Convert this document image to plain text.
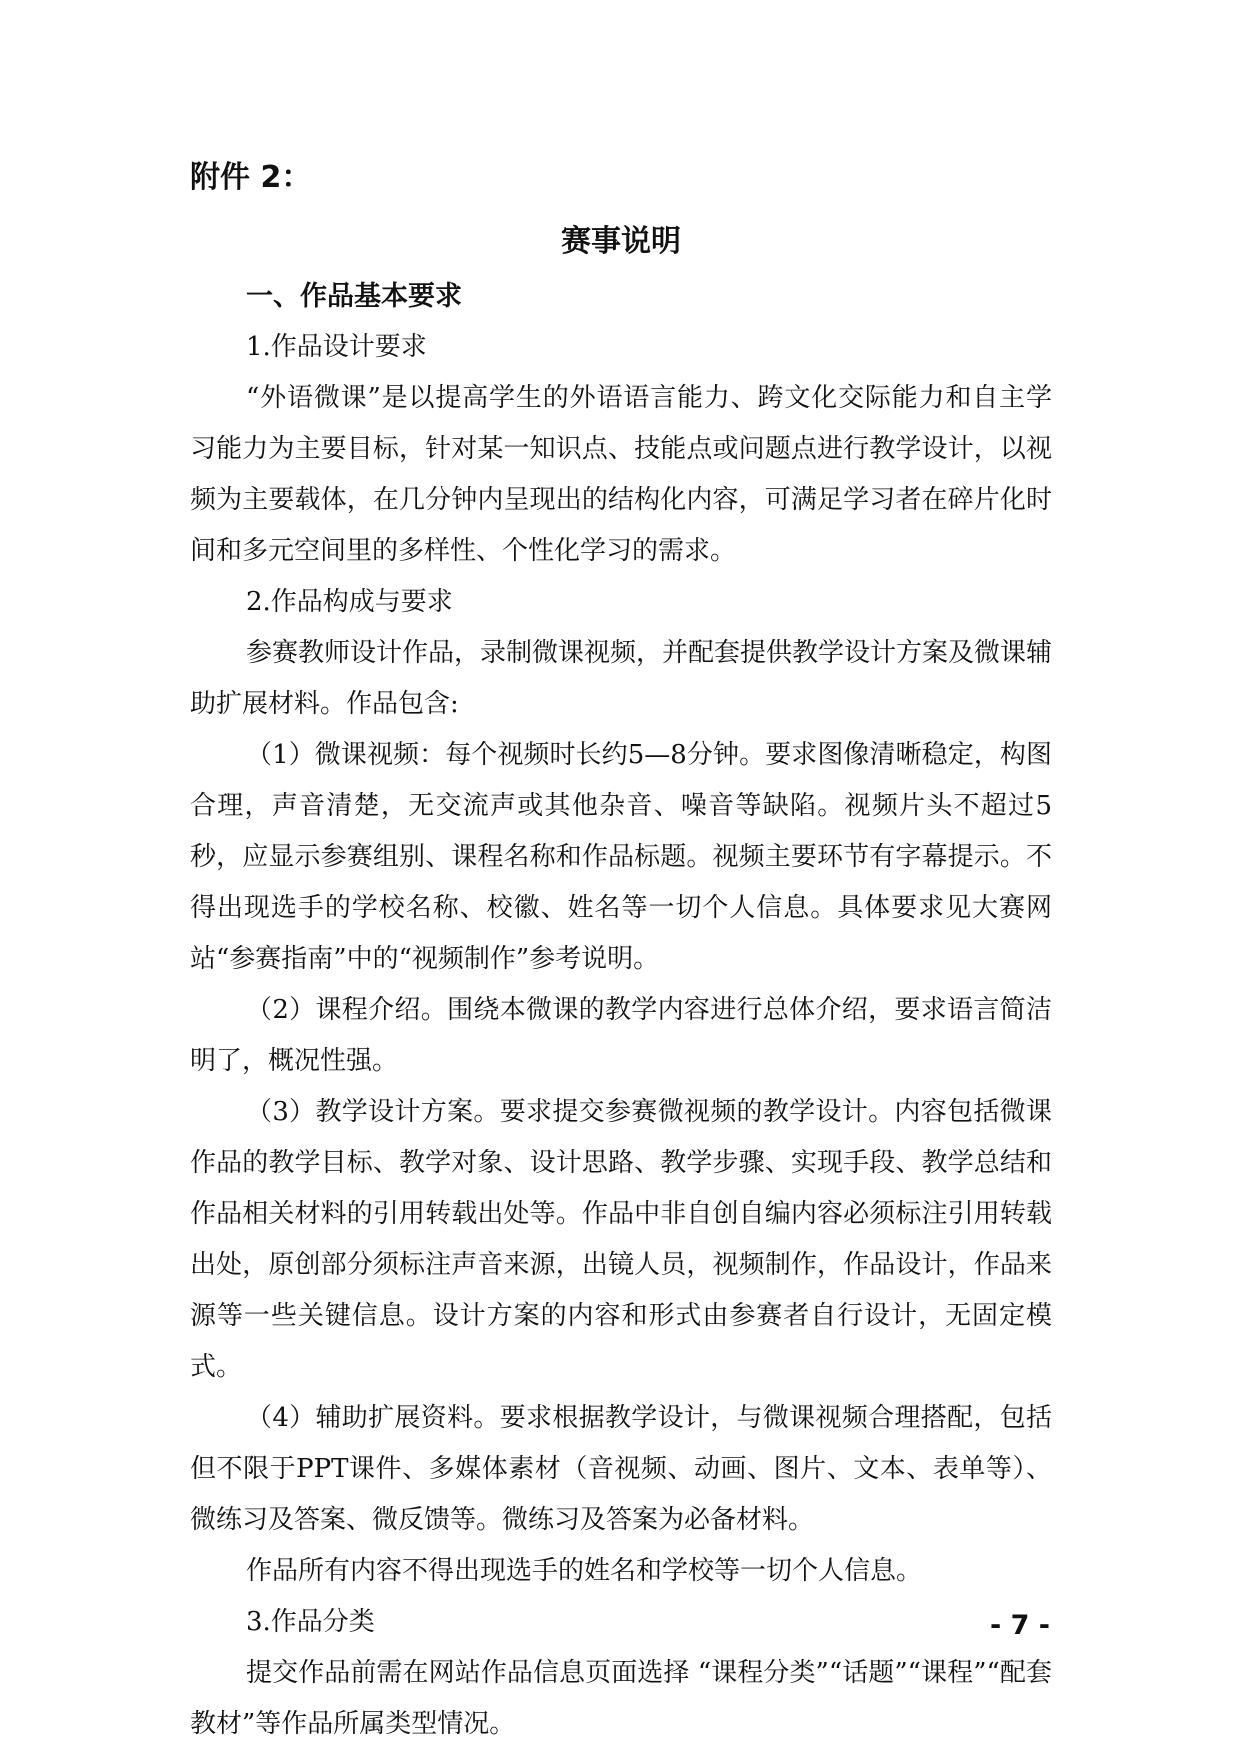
附件 2：

赛事说明

一、作品基本要求

1.作品设计要求

“外语微课”是以提高学生的外语语言能力、跨文化交际能力和自主学习能力为主要目标，针对某一知识点、技能点或问题点进行教学设计，以视频为主要载体，在几分钟内呈现出的结构化内容，可满足学习者在碎片化时间和多元空间里的多样性、个性化学习的需求。

2.作品构成与要求

参赛教师设计作品，录制微课视频，并配套提供教学设计方案及微课辅助扩展材料。作品包含:

（1）微课视频：每个视频时长约5—8分钟。要求图像清晰稳定，构图合理，声音清楚，无交流声或其他杂音、噪音等缺陷。视频片头不超过5秒，应显示参赛组别、课程名称和作品标题。视频主要环节有字幕提示。不得出现选手的学校名称、校徽、姓名等一切个人信息。具体要求见大赛网站“参赛指南”中的“视频制作”参考说明。

（2）课程介绍。围绕本微课的教学内容进行总体介绍，要求语言简洁明了，概况性强。

（3）教学设计方案。要求提交参赛微视频的教学设计。内容包括微课作品的教学目标、教学对象、设计思路、教学步骤、实现手段、教学总结和作品相关材料的引用转载出处等。作品中非自创自编内容必须标注引用转载出处，原创部分须标注声音来源，出镜人员，视频制作，作品设计，作品来源等一些关键信息。设计方案的内容和形式由参赛者自行设计，无固定模式。

（4）辅助扩展资料。要求根据教学设计，与微课视频合理搭配，包括但不限于PPT课件、多媒体素材（音视频、动画、图片、文本、表单等）、微练习及答案、微反馈等。微练习及答案为必备材料。

作品所有内容不得出现选手的姓名和学校等一切个人信息。

3.作品分类

提交作品前需在网站作品信息页面选择 “课程分类”“话题”“课程”“配套教材”等作品所属类型情况。

- 7 -
